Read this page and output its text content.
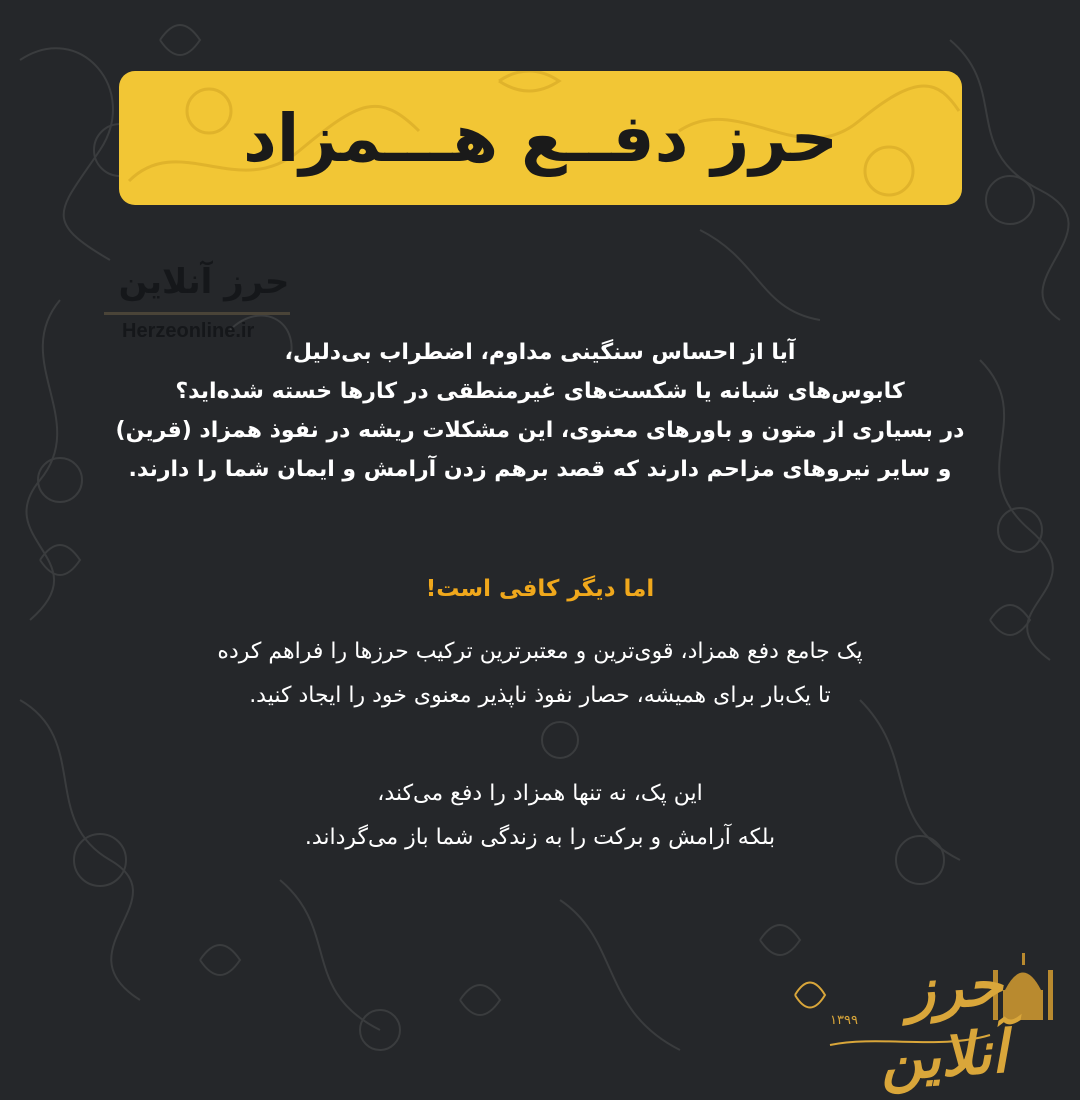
حرز دفــع هـــمزاد
حرز آنلاین
Herzeonline.ir
آیا از احساس سنگینی مداوم، اضطراب بی‌دلیل،
کابوس‌های شبانه یا شکست‌های غیرمنطقی در کارها خسته شده‌اید؟
در بسیاری از متون و باورهای معنوی، این مشکلات ریشه در نفوذ همزاد (قرین)
و سایر نیروهای مزاحم دارند که قصد برهم زدن آرامش و ایمان شما را دارند.
اما دیگر کافی است!
پک جامع دفع همزاد، قوی‌ترین و معتبرترین ترکیب حرزها را فراهم کرده
تا یک‌بار برای همیشه، حصار نفوذ ناپذیر معنوی خود را ایجاد کنید.
این پک، نه تنها همزاد را دفع می‌کند،
بلکه آرامش و برکت را به زندگی شما باز می‌گرداند.
حرز آنلاین
۱۳۹۹
